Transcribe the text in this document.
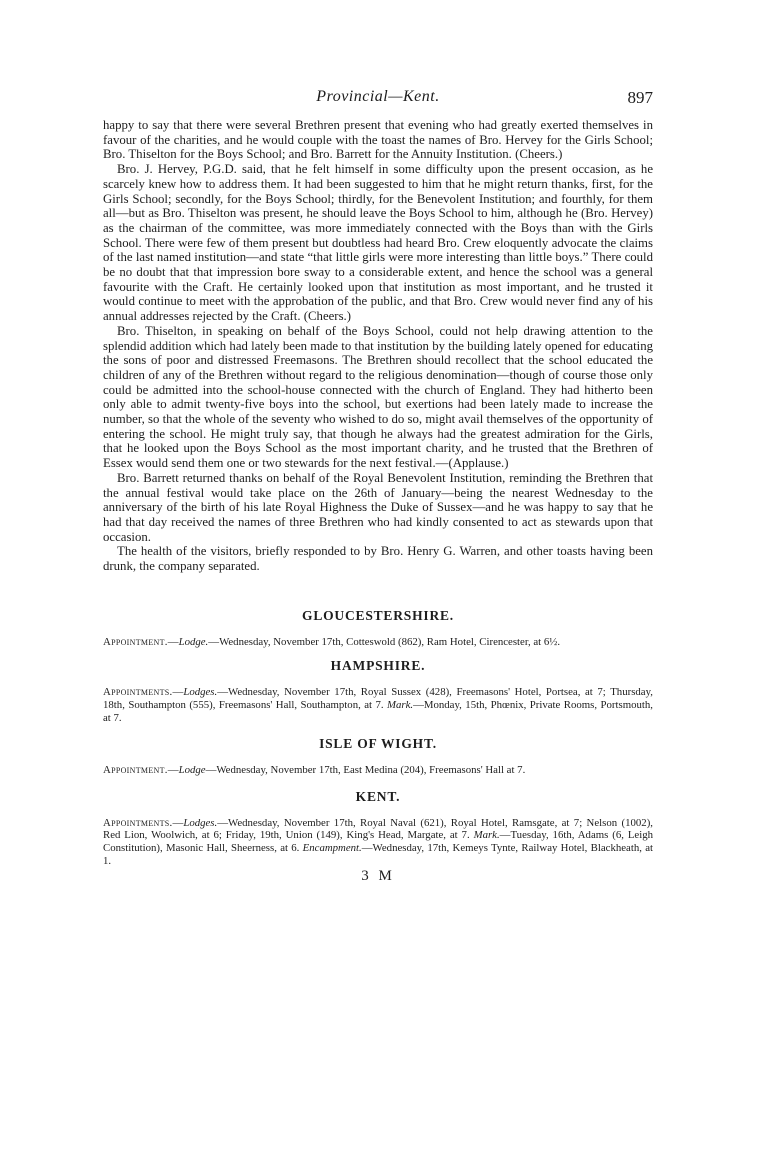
Provincial—Kent.	897

happy to say that there were several Brethren present that evening who had greatly exerted themselves in favour of the charities, and he would couple with the toast the names of Bro. Hervey for the Girls School; Bro. Thiselton for the Boys School; and Bro. Barrett for the Annuity Institution. (Cheers.)

Bro. J. Hervey, P.G.D. said, that he felt himself in some difficulty upon the present occasion, as he scarcely knew how to address them. It had been suggested to him that he might return thanks, first, for the Girls School; secondly, for the Boys School; thirdly, for the Benevolent Institution; and fourthly, for them all—but as Bro. Thiselton was present, he should leave the Boys School to him, although he (Bro. Hervey) as the chairman of the committee, was more immediately connected with the Boys than with the Girls School. There were few of them present but doubtless had heard Bro. Crew eloquently advocate the claims of the last named institution—and state “that little girls were more interesting than little boys.” There could be no doubt that that impression bore sway to a considerable extent, and hence the school was a general favourite with the Craft. He certainly looked upon that institution as most important, and he trusted it would continue to meet with the approbation of the public, and that Bro. Crew would never find any of his annual addresses rejected by the Craft. (Cheers.)

Bro. Thiselton, in speaking on behalf of the Boys School, could not help drawing attention to the splendid addition which had lately been made to that institution by the building lately opened for educating the sons of poor and distressed Freemasons. The Brethren should recollect that the school educated the children of any of the Brethren without regard to the religious denomination—though of course those only could be admitted into the school-house connected with the church of England. They had hitherto been only able to admit twenty-five boys into the school, but exertions had been lately made to increase the number, so that the whole of the seventy who wished to do so, might avail themselves of the opportunity of entering the school. He might truly say, that though he always had the greatest admiration for the Girls, that he looked upon the Boys School as the most important charity, and he trusted that the Brethren of Essex would send them one or two stewards for the next festival.—(Applause.)

Bro. Barrett returned thanks on behalf of the Royal Benevolent Institution, reminding the Brethren that the annual festival would take place on the 26th of January—being the nearest Wednesday to the anniversary of the birth of his late Royal Highness the Duke of Sussex—and he was happy to say that he had that day received the names of three Brethren who had kindly consented to act as stewards upon that occasion.

The health of the visitors, briefly responded to by Bro. Henry G. Warren, and other toasts having been drunk, the company separated.

GLOUCESTERSHIRE.

Appointment.—Lodge.—Wednesday, November 17th, Cotteswold (862), Ram Hotel, Cirencester, at 6½.

HAMPSHIRE.

Appointments.—Lodges.—Wednesday, November 17th, Royal Sussex (428), Freemasons' Hotel, Portsea, at 7; Thursday, 18th, Southampton (555), Freemasons' Hall, Southampton, at 7. Mark.—Monday, 15th, Phœnix, Private Rooms, Portsmouth, at 7.

ISLE OF WIGHT.

Appointment.—Lodge—Wednesday, November 17th, East Medina (204), Freemasons' Hall at 7.

KENT.

Appointments.—Lodges.—Wednesday, November 17th, Royal Naval (621), Royal Hotel, Ramsgate, at 7; Nelson (1002), Red Lion, Woolwich, at 6; Friday, 19th, Union (149), King's Head, Margate, at 7. Mark.—Tuesday, 16th, Adams (6, Leigh Constitution), Masonic Hall, Sheerness, at 6. Encampment.—Wednesday, 17th, Kemeys Tynte, Railway Hotel, Blackheath, at 1.

3 M
